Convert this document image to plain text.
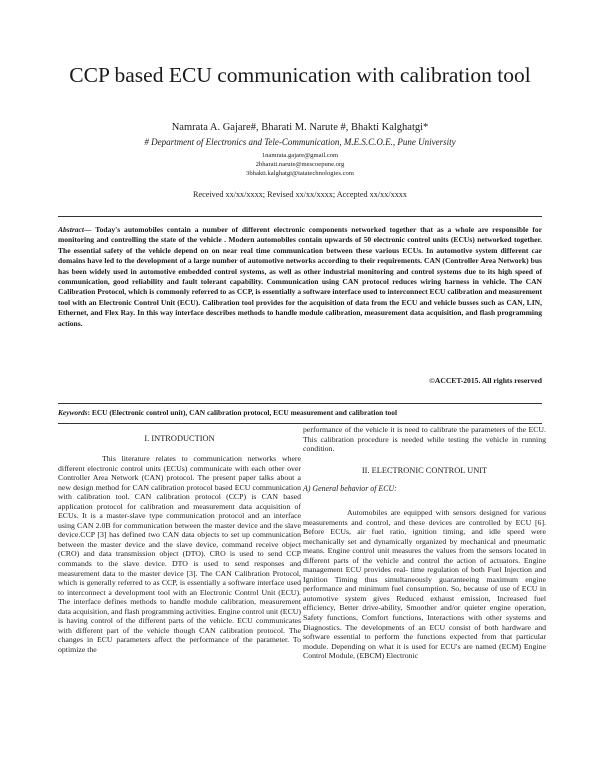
CCP based ECU communication with calibration tool
Namrata A. Gajare#, Bharati M. Narute #, Bhakti Kalghatgi*
# Department of Electronics and Tele-Communication, M.E.S.C.O.E., Pune University
1namrata.gajare@gmail.com
2bharati.narute@mescoepune.org
3bhakti.kalghatgi@tatatechnologies.com
Received xx/xx/xxxx; Revised xx/xx/xxxx; Accepted xx/xx/xxxx

Abstract— Today's automobiles contain a number of different electronic components networked together that as a whole are responsible for monitoring and controlling the state of the vehicle . Modern automobiles contain upwards of 50 electronic control units (ECUs) networked together. The essential safety of the vehicle depend on on near real time communication between these various ECUs. In automotive system different car domains have led to the development of a large number of automotive networks according to their requirements. CAN (Controller Area Network) bus has been widely used in automotive embedded control systems, as well as other industrial monitoring and control systems due to its high speed of communication, good reliability and fault tolerant capability. Communication using CAN protocol reduces wiring harness in vehicle. The CAN Calibration Protocol, which is commonly referred to as CCP, is essentially a software interface used to interconnect ECU calibration and measurement tool with an Electronic Control Unit (ECU). Calibration tool provides for the acquisition of data from the ECU and vehicle busses such as CAN, LIN, Ethernet, and Flex Ray. In this way interface describes methods to handle module calibration, measurement data acquisition, and flash programming actions.

©ACCET-2015. All rights reserved
Keywords: ECU (Electronic control unit), CAN calibration protocol, ECU measurement and calibration tool
I. INTRODUCTION

This literature relates to communication networks where different electronic control units (ECUs) communicate with each other over Controller Area Network (CAN) protocol. The present paper talks about a new design method for CAN calibration protocol based ECU communication with calibration tool. CAN calibration protocol (CCP) is CAN based application protocol for calibration and measurement data acquisition of ECUs. It is a master-slave type communication protocol and an interface using CAN 2.0B for communication between the master device and the slave device.CCP [3] has defined two CAN data objects to set up communication between the master device and the slave device, command receive object (CRO) and data transmission object (DTO). CRO is used to send CCP commands to the slave device. DTO is used to send responses and measurement data to the master device [3]. The CAN Calibration Protocol, which is generally referred to as CCP, is essentially a software interface used to interconnect a development tool with an Electronic Control Unit (ECU). The interface defines methods to handle module calibration, measurement data acquisition, and flash programming activities. Engine control unit (ECU) is having control of the different parts of the vehicle. ECU communicates with different part of the vehicle though CAN calibration protocol. The changes in ECU parameters affect the performance of the parameter. To optimize the

performance of the vehicle it is need to calibrate the parameters of the ECU. This calibration procedure is needed while testing the vehicle in running condition.

II. ELECTRONIC CONTROL UNIT
A) General behavior of ECU:

Automobiles are equipped with sensors designed for various measurements and control, and these devices are controlled by ECU [6]. Before ECUs, air fuel ratio, ignition timing, and idle speed were mechanically set and dynamically organized by mechanical and pneumatic means. Engine control unit measures the values from the sensors located in different parts of the vehicle and control the action of actuators. Engine management ECU provides real- time regulation of both Fuel Injection and Ignition Timing thus simultaneously guaranteeing maximum engine performance and minimum fuel consumption. So, because of use of ECU in automotive system gives Reduced exhaust emission, Increased fuel efficiency, Better drive-ability, Smoother and/or quieter engine operation, Safety functions, Comfort functions, Interactions with other systems and Diagnostics. The developments of an ECU consist of both hardware and software essential to perform the functions expected from that particular module. Depending on what it is used for ECU's are named (ECM) Engine Control Module, (EBCM) Electronic
